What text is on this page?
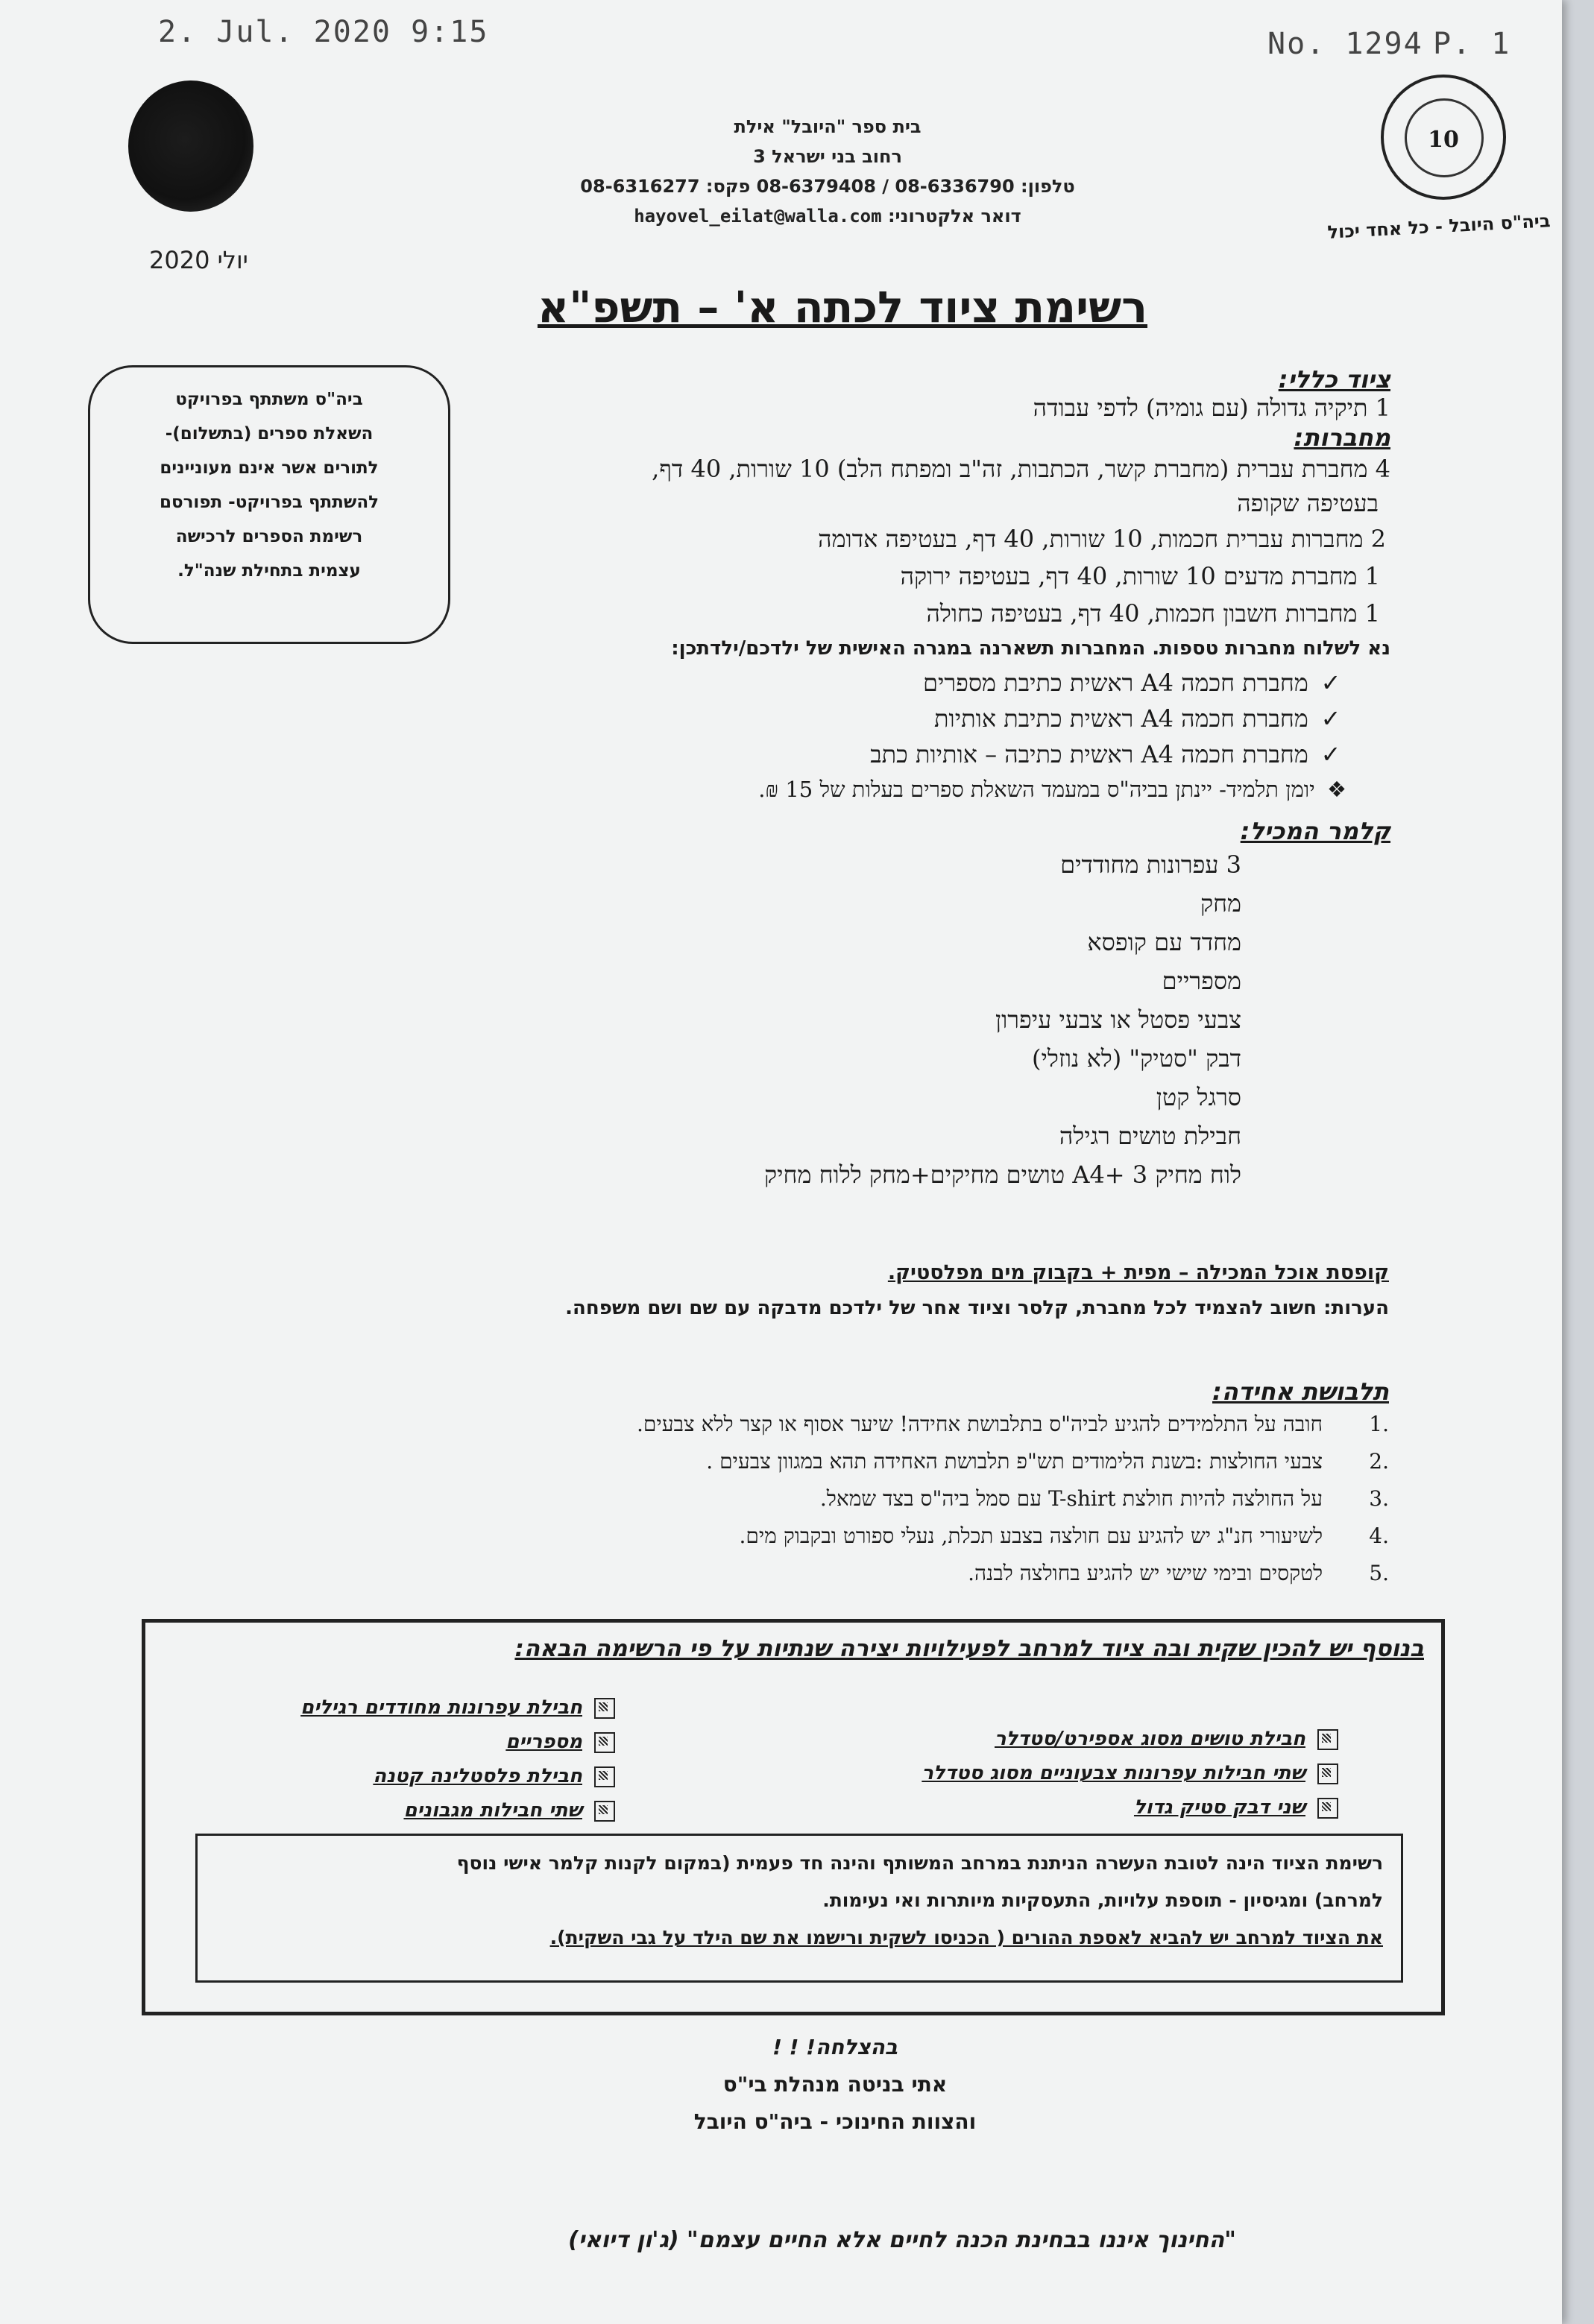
2. Jul. 2020 9:15	No. 1294 P. 1
בית ספר "היובל" אילת
רחוב בני ישראל 3
טלפון: 08-6336790 / 08-6379408 פקס: 08-6316277
דואר אלקטרוני: hayovel_eilat@walla.com
10
ביה"ס היובל - כל אחד יכול
יולי 2020
רשימת ציוד לכתה א' – תשפ"א
ביה"ס משתתף בפרויקט
השאלת ספרים (בתשלום)-
לתורים אשר אינם מעוניינים
להשתתף בפרויקט- תפורסם
רשימת הספרים לרכישה
עצמית בתחילת שנה"ל.
ציוד כללי:
1 תיקיה גדולה (עם גומיה) לדפי עבודה
מחברות:
4 מחברת עברית (מחברת קשר, הכתבות, זה"ב ומפתח הלב) 10 שורות, 40 דף,
בעטיפה שקופה
2 מחברות עברית חכמות, 10 שורות, 40 דף, בעטיפה אדומה
1 מחברת מדעים 10 שורות, 40 דף, בעטיפה ירוקה
1 מחברות חשבון חכמות, 40 דף, בעטיפה כחולה
נא לשלוח מחברות טספות. המחברות תשארנה במגרה האישית של ילדכם/ילדתכן:
✓ מחברת חכמה A4 ראשית כתיבת מספרים
✓ מחברת חכמה A4 ראשית כתיבת אותיות
✓ מחברת חכמה A4 ראשית כתיבה – אותיות כתב
❖ יומן תלמיד- יינתן בביה"ס במעמד השאלת ספרים בעלות של 15 ₪.
קלמר המכיל:
3 עפרונות מחודדים
מחק
מחדד עם קופסא
מספריים
צבעי פסטל או צבעי עיפרון
דבק "סטיק" (לא נוזלי)
סרגל קטן
חבילת טושים רגילה
לוח מחיק A4+ 3 טושים מחיקים+מחק ללוח מחיק
קופסת אוכל המכילה – מפית + בקבוק מים מפלסטיק.
הערות: חשוב להצמיד לכל מחברת, קלסר וציוד אחר של ילדכם מדבקה עם שם ושם משפחה.
תלבושת אחידה:
.1 חובה על התלמידים להגיע לביה"ס בתלבושת אחידה! שיער אסוף או קצר ללא צבעים.
.2 צבעי החולצות :בשנת הלימודים תש"פ תלבושת האחידה תהא במגוון צבעים .
.3 על החולצה להיות חולצת T-shirt עם סמל ביה"ס בצד שמאל.
.4 לשיעורי חנ"ג יש להגיע עם חולצה בצבע תכלת, נעלי ספורט ובקבוק מים.
.5 לטקסים ובימי שישי יש להגיע בחולצה לבנה.
בנוסף יש להכין שקית ובה ציוד למרחב לפעילויות יצירה שנתיות על פי הרשימה הבאה:
חבילת עפרונות מחודדים רגילים
מספריים
חבילת פלסטלינה קטנה
שתי חבילות מגבונים
חבילת טושים מסוג אספירט/סטדלר
שתי חבילות עפרונות צבעוניים מסוג סטדלר
שני דבק סטיק גדול
רשימת הציוד הינה לטובת העשרה הניתנת במרחב המשותף והינה חד פעמית (במקום לקנות קלמר אישי נוסף
למרחב) ומגיסיון - תוספת עלויות, התעסקיות מיותרות ואי נעימות.
את הציוד למרחב יש להביא לאספת ההורים ( הכניסו לשקית ורישמו את שם הילד על גבי השקית).
בהצלחה! ! !
אתי בניטה מנהלת בי"ס
והצוות החינוכי - ביה"ס היובל
"החינוך איננו בבחינת הכנה לחיים אלא החיים עצמם" (ג'ון דיואי)
